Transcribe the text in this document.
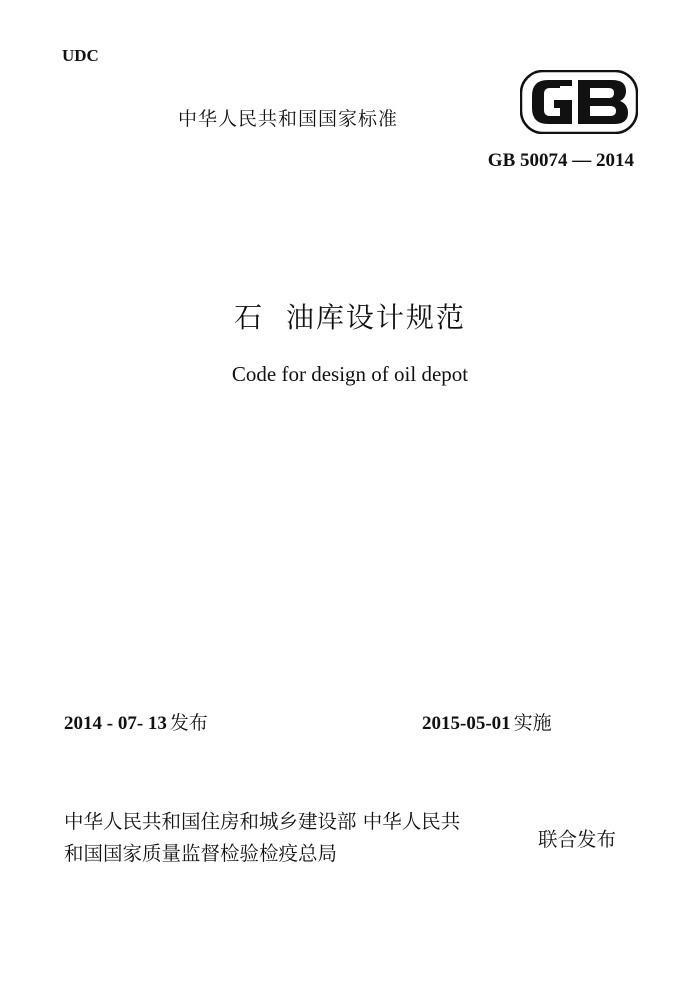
UDC
中华人民共和国国家标准
GB 50074 — 2014
石  油库设计规范
Code for design of oil depot
2014 - 07- 13 发布	2015-05-01 实施
中华人民共和国住房和城乡建设部 中华人民共
和国国家质量监督检验检疫总局
联合发布
